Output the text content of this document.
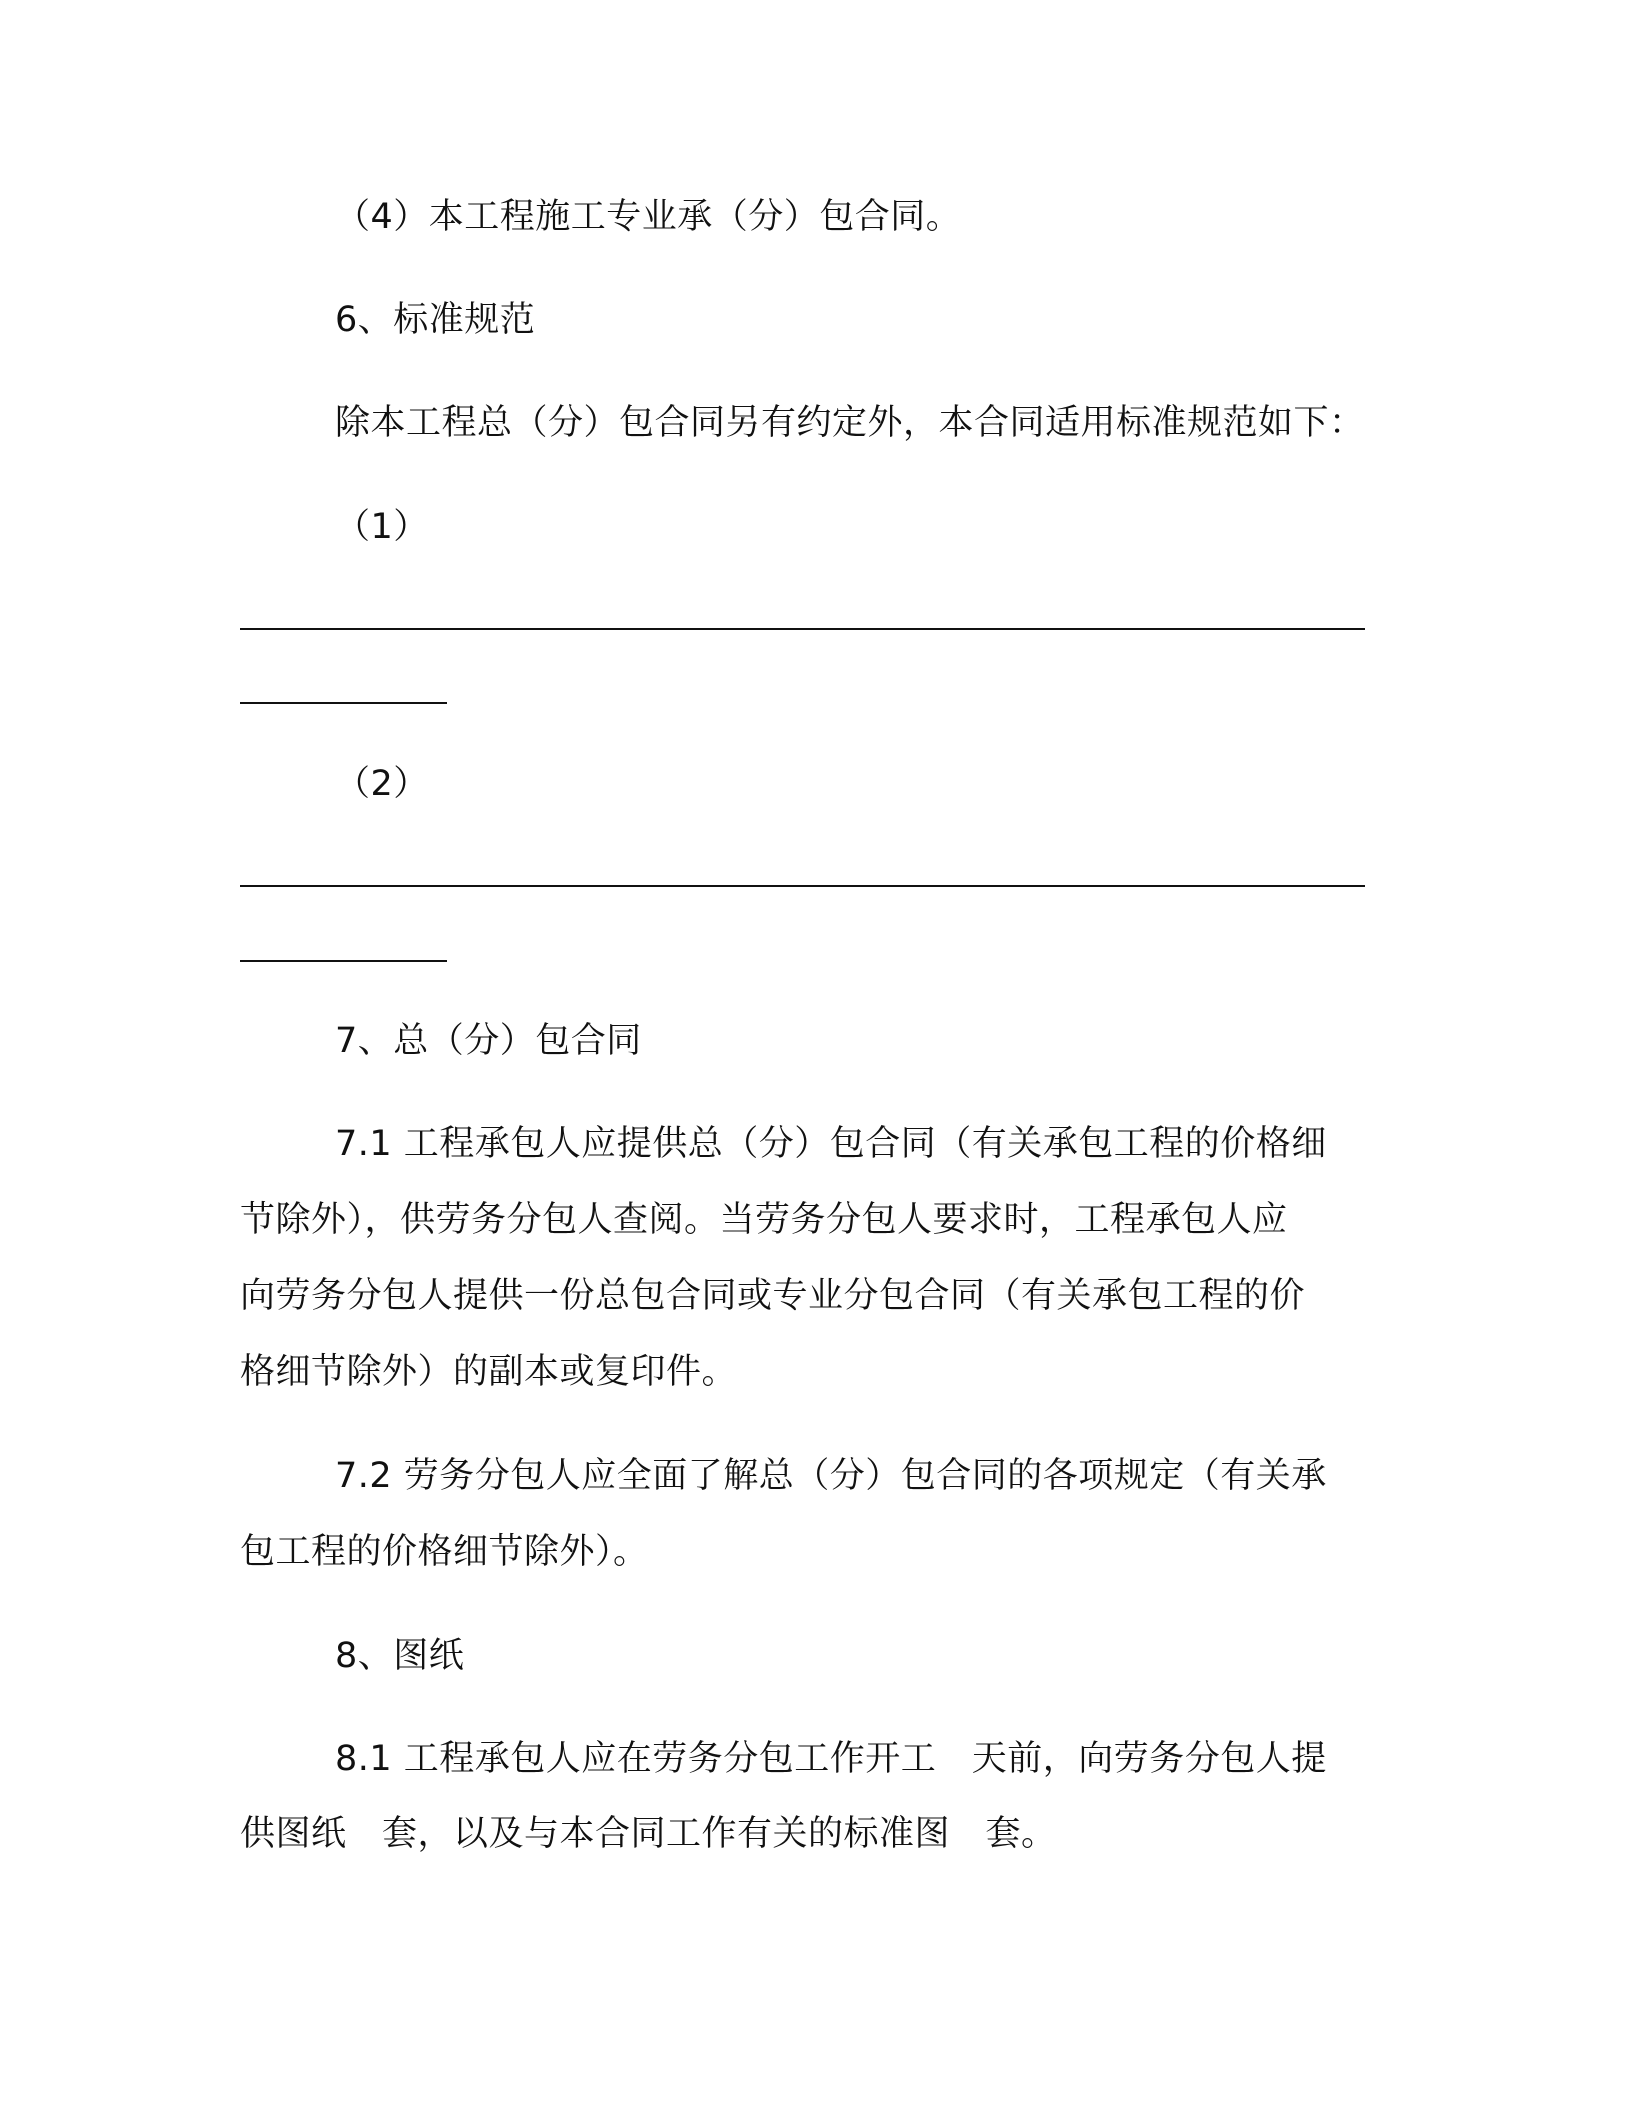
（4）本工程施工专业承（分）包合同。
6、标准规范
除本工程总（分）包合同另有约定外，本合同适用标准规范如下：
（1）
（2）
7、总（分）包合同
7.1 工程承包人应提供总（分）包合同（有关承包工程的价格细
节除外），供劳务分包人查阅。当劳务分包人要求时，工程承包人应
向劳务分包人提供一份总包合同或专业分包合同（有关承包工程的价
格细节除外）的副本或复印件。
7.2 劳务分包人应全面了解总（分）包合同的各项规定（有关承
包工程的价格细节除外）。
8、图纸
8.1 工程承包人应在劳务分包工作开工　天前，向劳务分包人提
供图纸　套，以及与本合同工作有关的标准图　套。
